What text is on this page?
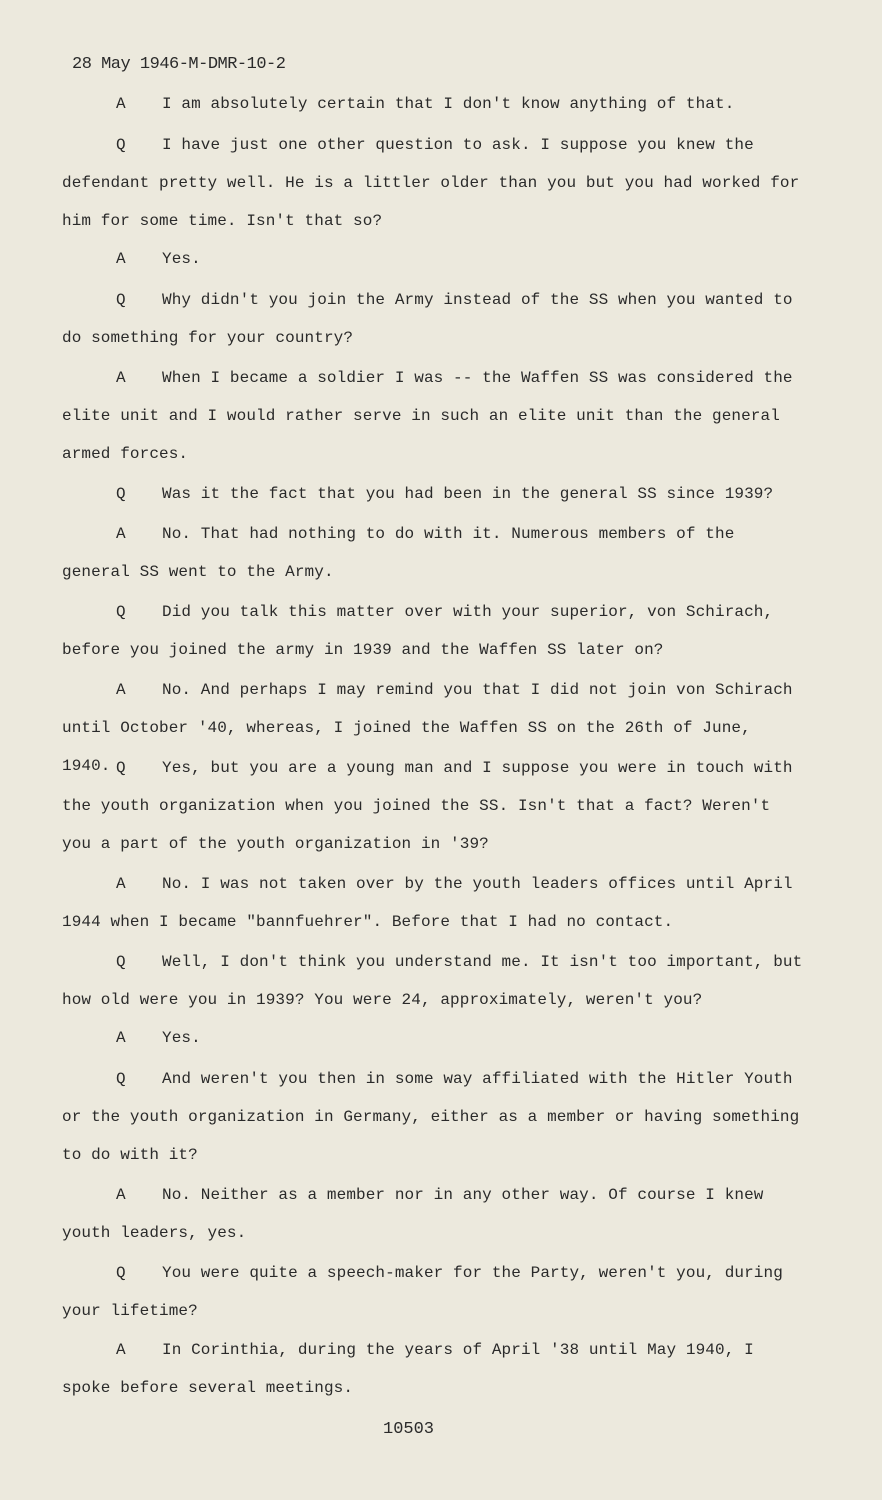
28 May 1946-M-DMR-10-2
A I am absolutely certain that I don't know anything of that.
Q I have just one other question to ask. I suppose you knew the defendant pretty well. He is a littler older than you but you had worked for him for some time. Isn't that so?
A Yes.
Q Why didn't you join the Army instead of the SS when you wanted to do something for your country?
A When I became a soldier I was -- the Waffen SS was considered the elite unit and I would rather serve in such an elite unit than the general armed forces.
Q Was it the fact that you had been in the general SS since 1939?
A No. That had nothing to do with it. Numerous members of the general SS went to the Army.
Q Did you talk this matter over with your superior, von Schirach, before you joined the army in 1939 and the Waffen SS later on?
A No. And perhaps I may remind you that I did not join von Schirach until October '40, whereas, I joined the Waffen SS on the 26th of June, 1940. Q Yes, but you are a young man and I suppose you were in touch with the youth organization when you joined the SS. Isn't that a fact? Weren't you a part of the youth organization in '39?
A No. I was not taken over by the youth leaders offices until April 1944 when I became "bannfuehrer". Before that I had no contact.
Q Well, I don't think you understand me. It isn't too important, but how old were you in 1939? You were 24, approximately, weren't you?
A Yes.
Q And weren't you then in some way affiliated with the Hitler Youth or the youth organization in Germany, either as a member or having something to do with it?
A No. Neither as a member nor in any other way. Of course I knew youth leaders, yes.
Q You were quite a speech-maker for the Party, weren't you, during your lifetime?
A In Corinthia, during the years of April '38 until May 1940, I spoke before several meetings.
10503
